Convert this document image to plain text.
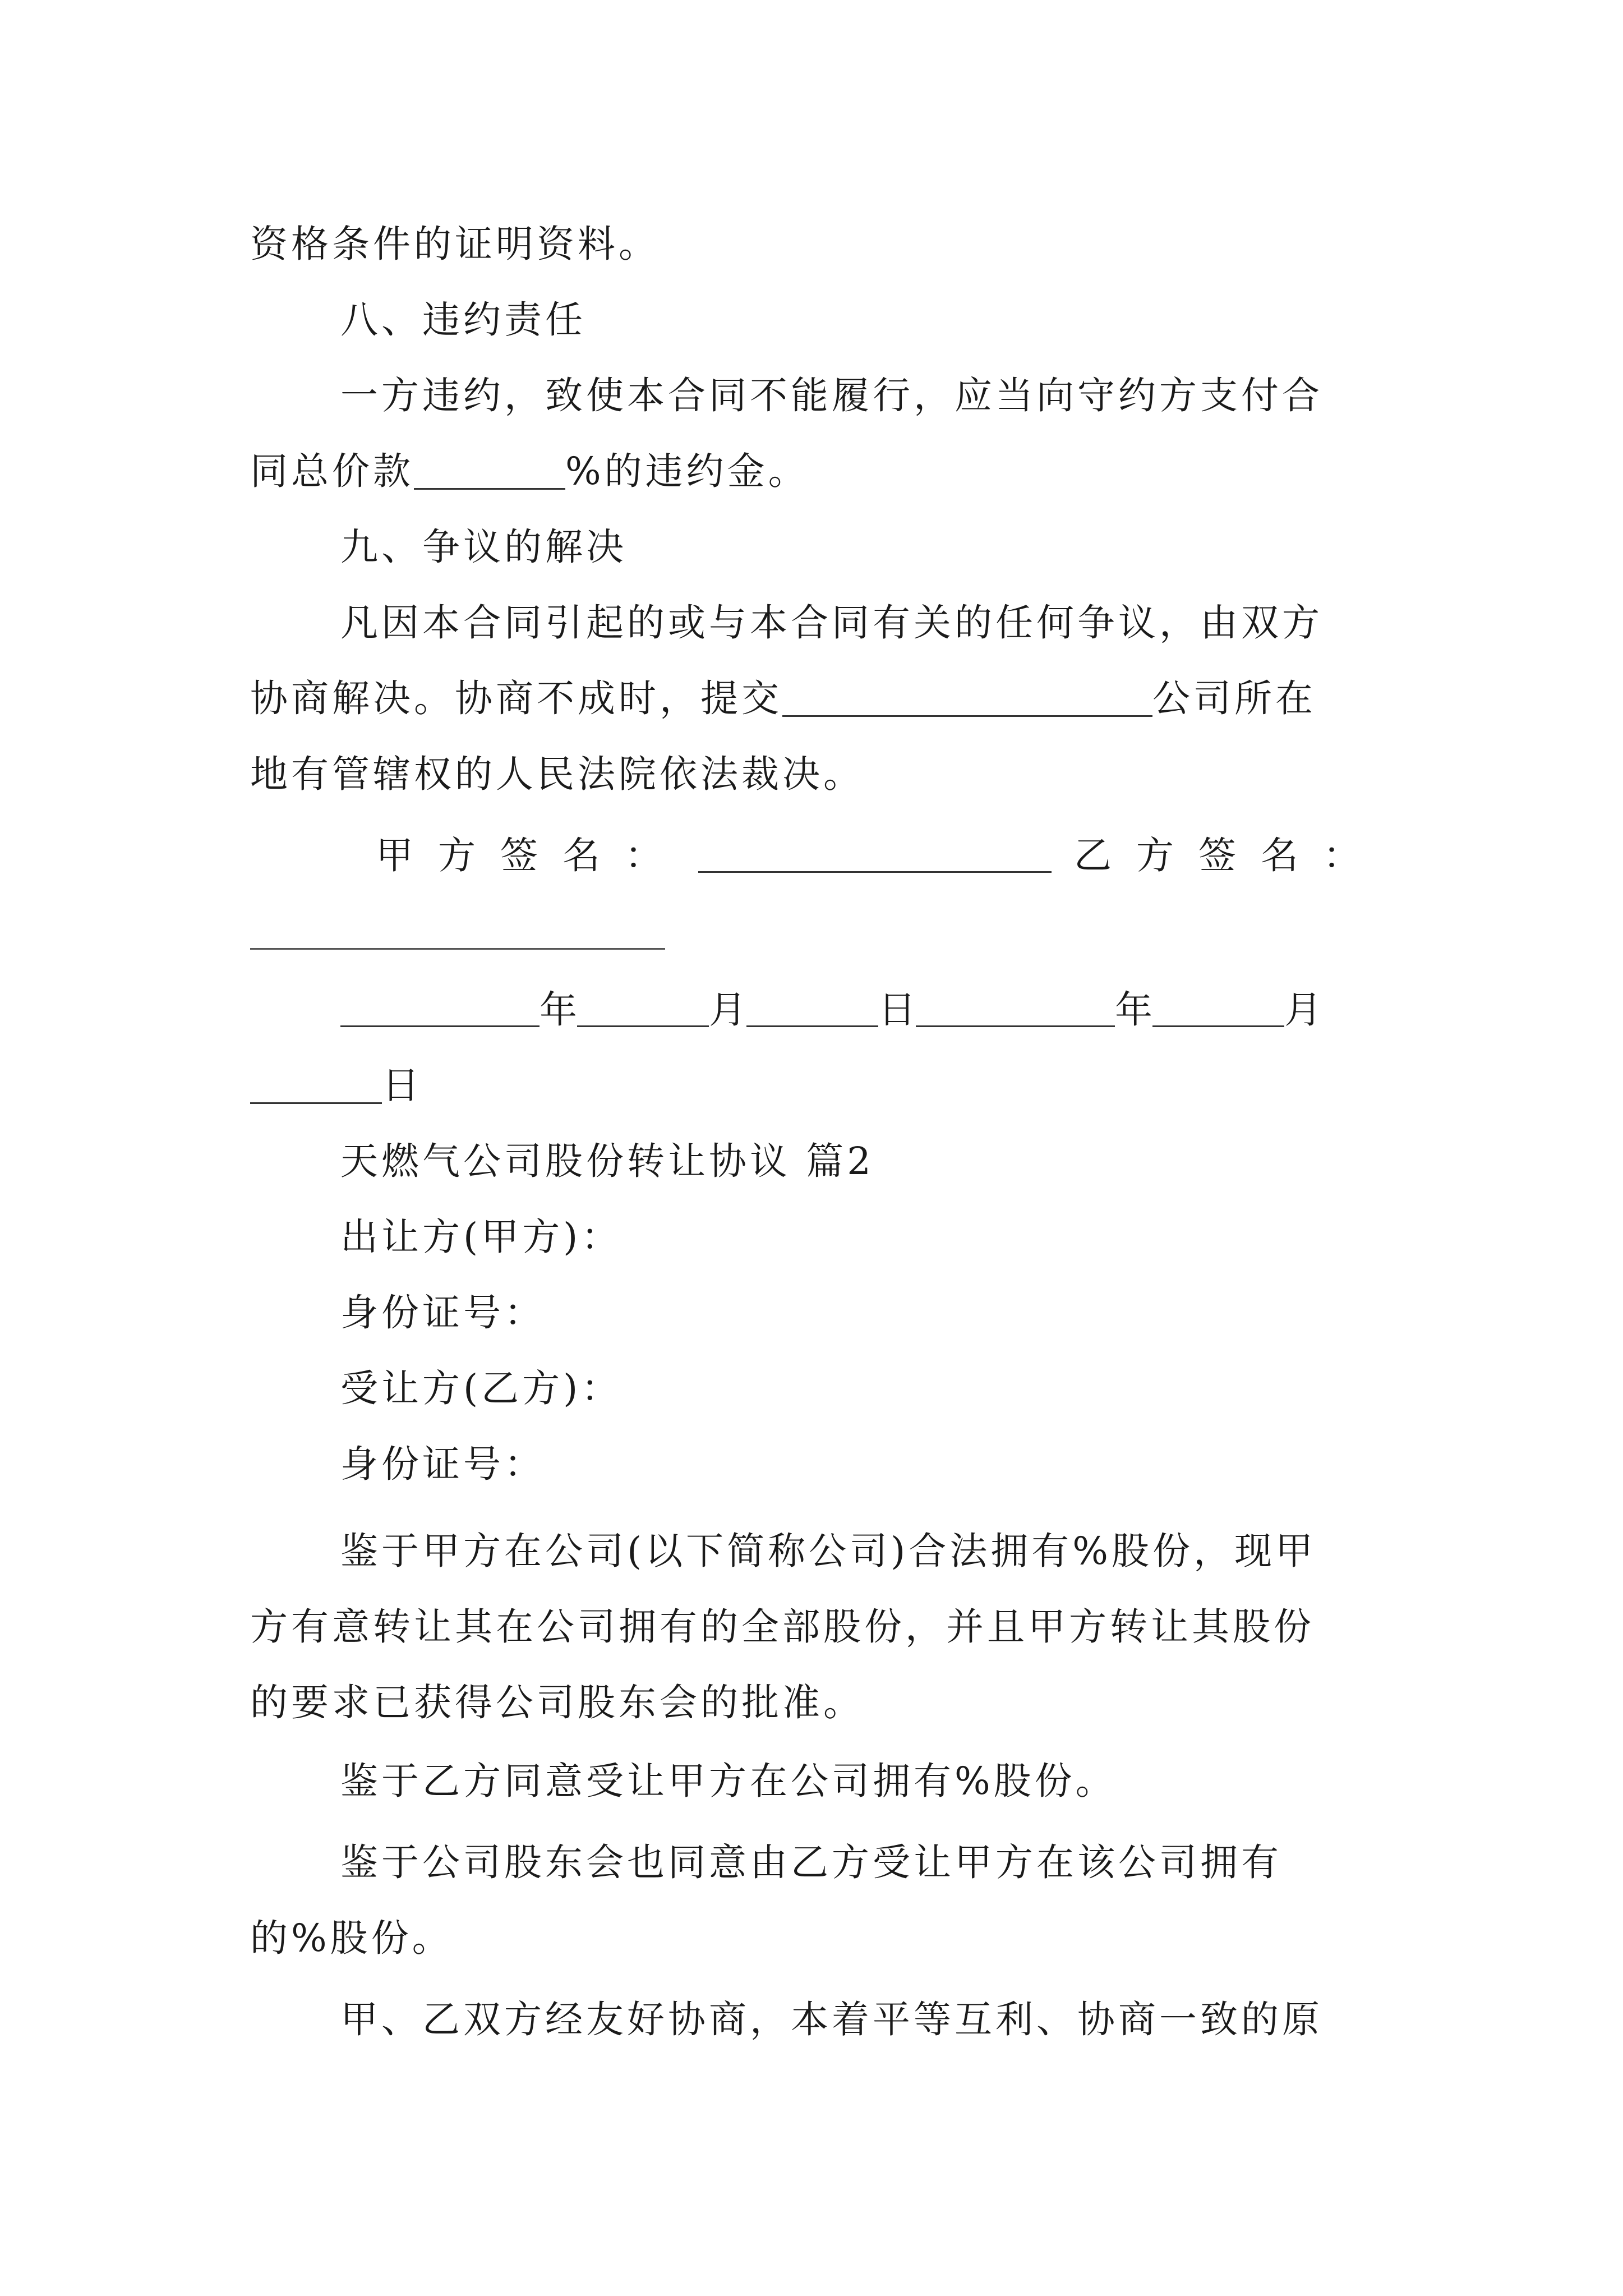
资格条件的证明资料。
八、违约责任
一方违约，致使本合同不能履行，应当向守约方支付合
同总价款	%的违约金。
九、争议的解决
凡因本合同引起的或与本合同有关的任何争议，由双方
协商解决。协商不成时，提交	公司所在
地有管辖权的人民法院依法裁决。
甲方签名：	乙方签名：
年	月	日	年	月
日
天燃气公司股份转让协议 篇2
出让方(甲方)：
身份证号：
受让方(乙方)：
身份证号：
鉴于甲方在公司(以下简称公司)合法拥有%股份，现甲
方有意转让其在公司拥有的全部股份，并且甲方转让其股份
的要求已获得公司股东会的批准。
鉴于乙方同意受让甲方在公司拥有%股份。
鉴于公司股东会也同意由乙方受让甲方在该公司拥有
的%股份。
甲、乙双方经友好协商，本着平等互利、协商一致的原
